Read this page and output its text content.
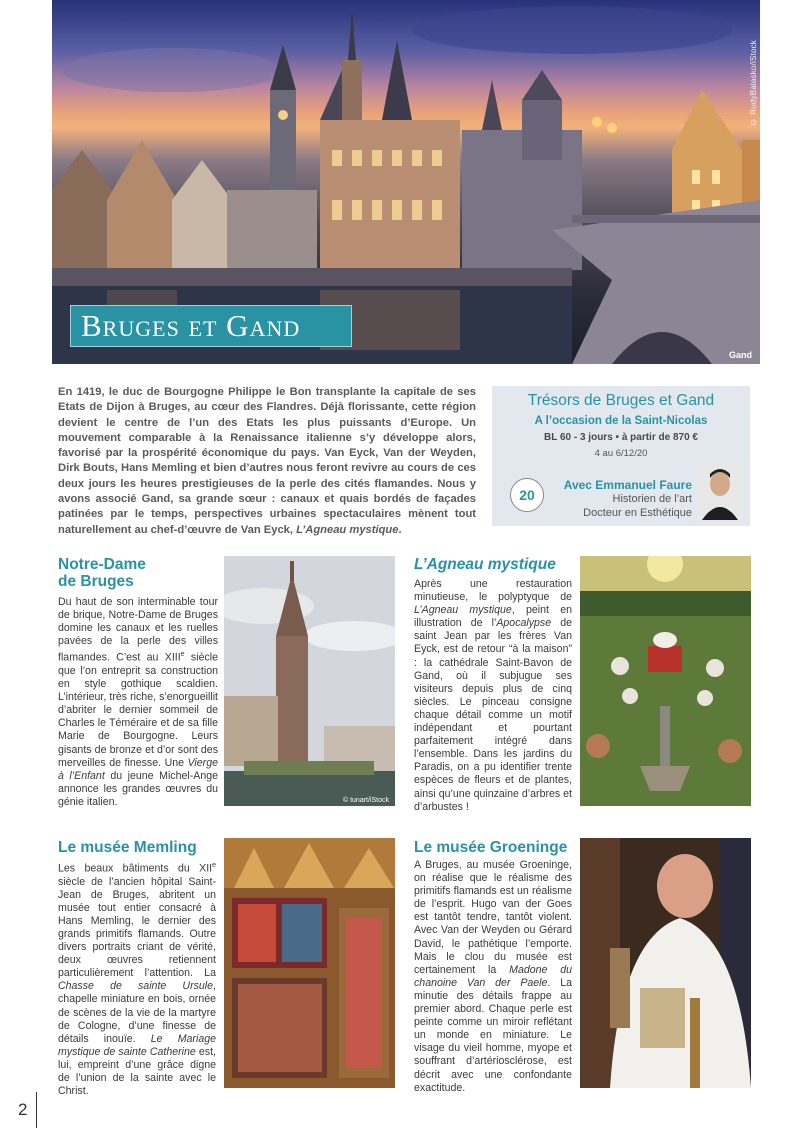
© RudyBalasko/iStock
Gand
Bruges et Gand
En 1419, le duc de Bourgogne Philippe le Bon transplante la capitale de ses Etats de Dijon à Bruges, au cœur des Flandres. Déjà florissante, cette région devient le centre de l’un des Etats les plus puissants d’Europe. Un mouvement comparable à la Renaissance italienne s’y développe alors, favorisé par la prospérité économique du pays. Van Eyck, Van der Weyden, Dirk Bouts, Hans Memling et bien d’autres nous feront revivre au cours de ces deux jours les heures prestigieuses de la perle des cités flamandes. Nous y avons associé Gand, sa grande sœur : canaux et quais bordés de façades patinées par le temps, perspectives urbaines spectaculaires mènent tout naturellement au chef-d’œuvre de Van Eyck, L’Agneau mystique.
Trésors de Bruges et Gand
A l’occasion de la Saint-Nicolas
BL 60 - 3 jours • à partir de 870 €
4 au 6/12/20
20
Avec Emmanuel Faure
Historien de l’art
Docteur en Esthétique
Notre-Dame
de Bruges
Du haut de son interminable tour de brique, Notre-Dame de Bruges domine les canaux et les ruelles pavées de la perle des villes flamandes. C’est au XIIIe siècle que l’on entreprit sa construction en style gothique scaldien. L’intérieur, très riche, s’enorgueillit d’abriter le dernier sommeil de Charles le Téméraire et de sa fille Marie de Bourgogne. Leurs gisants de bronze et d’or sont des merveilles de finesse. Une Vierge à l’Enfant du jeune Michel-Ange annonce les grandes œuvres du génie italien.	© tunart/iStock
L’Agneau mystique
Après une restauration minutieuse, le polyptyque de L’Agneau mystique, peint en illustration de l’Apocalypse de saint Jean par les frères Van Eyck, est de retour “à la maison” : la cathédrale Saint-Bavon de Gand, où il subjugue ses visiteurs depuis plus de cinq siècles. Le pinceau consigne chaque détail comme un motif indépendant et pourtant parfaitement intégré dans l’ensemble. Dans les jardins du Paradis, on a pu identifier trente espèces de fleurs et de plantes, ainsi qu’une quinzaine d’arbres et d’arbustes !
Le musée Memling
Les beaux bâtiments du XIIe siècle de l’ancien hôpital Saint-Jean de Bruges, abritent un musée tout entier consacré à Hans Memling, le dernier des grands primitifs flamands. Outre divers portraits criant de vérité, deux œuvres retiennent particulièrement l’attention. La Chasse de sainte Ursule, chapelle miniature en bois, ornée de scènes de la vie de la martyre de Cologne, d’une finesse de détails inouïe. Le Mariage mystique de sainte Catherine est, lui, empreint d’une grâce digne de l’union de la sainte avec le Christ.
Le musée Groeninge
A Bruges, au musée Groeninge, on réalise que le réalisme des primitifs flamands est un réalisme de l’esprit. Hugo van der Goes est tantôt tendre, tantôt violent. Avec Van der Weyden ou Gérard David, le pathétique l’emporte. Mais le clou du musée est certainement la Madone du chanoine Van der Paele. La minutie des détails frappe au premier abord. Chaque perle est peinte comme un miroir reflétant un monde en miniature. Le visage du vieil homme, myope et souffrant d’artériosclérose, est décrit avec une confondante exactitude.
2
